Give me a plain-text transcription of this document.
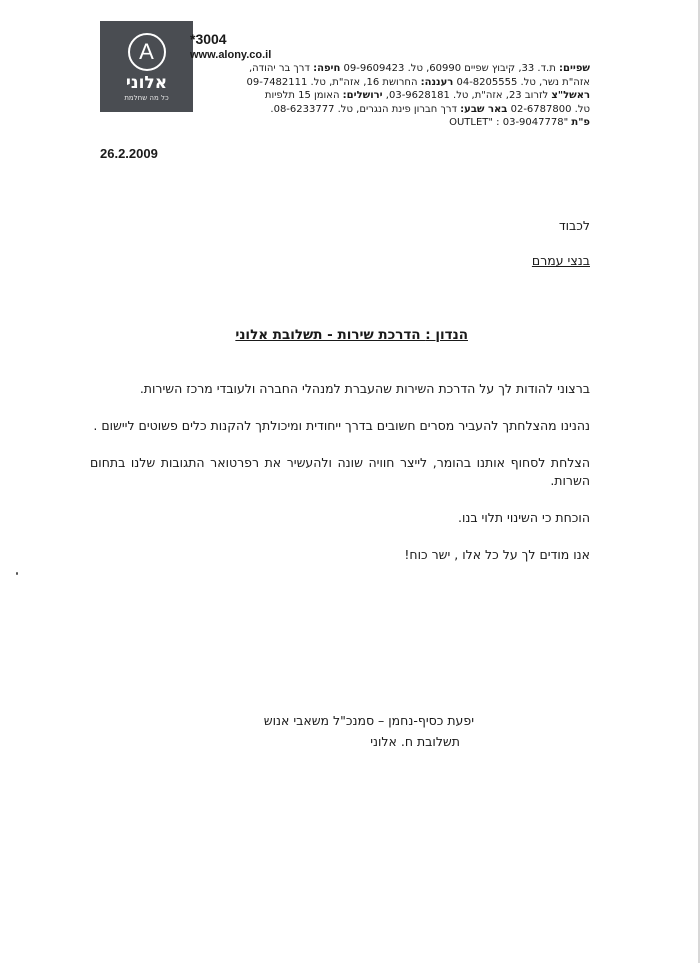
A
אלוני
כל מה שחלמת
*3004
www.alony.co.il
שפיים: ת.ד. 33, קיבוץ שפיים 60990, טל. 09-9609423 חיפה: דרך בר יהודה,
אזה"ת נשר, טל. 04-8205555 רעננה: החרושת 16, אזה"ת, טל. 09-7482111
ראשל"צ לזרוב 23, אזה"ת, טל. 03-9628181, ירושלים: האומן 15 תלפיות
טל. 02-6787800 באר שבע: דרך חברון פינת הנגרים, טל. 08-6233777.
פ"ת "OUTLET" : 03-9047778
26.2.2009
לכבוד
בנצי עמרם
הנדון : הדרכת שירות - תשלובת אלוני

ברצוני להודות לך על הדרכת השירות שהעברת למנהלי החברה ולעובדי מרכז השירות.

נהנינו מהצלחתך להעביר מסרים חשובים בדרך ייחודית ומיכולתך להקנות כלים פשוטים ליישום .

הצלחת לסחוף אותנו בהומר, לייצר חוויה שונה ולהעשיר את רפרטואר התגובות שלנו בתחום השרות.

הוכחת כי השינוי תלוי בנו.

אנו מודים לך על כל אלו , ישר כוח!

יפעת כסיף-נחמן – סמנכ"ל משאבי אנוש
תשלובת ח. אלוני
